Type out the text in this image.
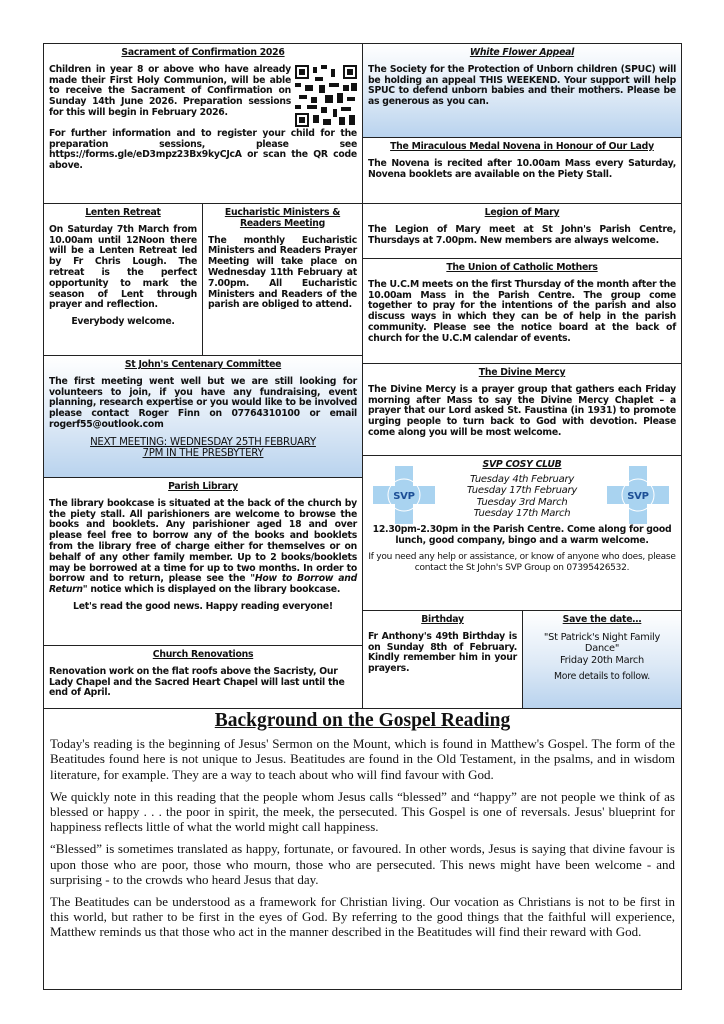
Sacrament of Confirmation 2026

Children in year 8 or above who have already made their First Holy Communion, will be able to receive the Sacrament of Confirmation on Sunday 14th June 2026. Preparation sessions for this will begin in February 2026.

For further information and to register your child for the preparation sessions, please see https://forms.gle/eD3mpz23Bx9kyCJcA or scan the QR code above.

Lenten Retreat

On Saturday 7th March from 10.00am until 12Noon there will be a Lenten Retreat led by Fr Chris Lough. The retreat is the perfect opportunity to mark the season of Lent through prayer and reflection.

Everybody welcome.
Eucharistic Ministers & Readers Meeting

The monthly Eucharistic Ministers and Readers Prayer Meeting will take place on Wednesday 11th February at 7.00pm. All Eucharistic Ministers and Readers of the parish are obliged to attend.

St John's Centenary Committee

The first meeting went well but we are still looking for volunteers to join, if you have any fundraising, event planning, research expertise or you would like to be involved please contact Roger Finn on 07764310100 or email rogerf55@outlook.com

NEXT MEETING: WEDNESDAY 25TH FEBRUARY
7PM IN THE PRESBYTERY
Parish Library

The library bookcase is situated at the back of the church by the piety stall. All parishioners are welcome to browse the books and booklets. Any parishioner aged 18 and over please feel free to borrow any of the books and booklets from the library free of charge either for themselves or on behalf of any other family member. Up to 2 books/booklets may be borrowed at a time for up to two months. In order to borrow and to return, please see the "How to Borrow and Return" notice which is displayed on the library bookcase.

Let's read the good news. Happy reading everyone!
Church Renovations

Renovation work on the flat roofs above the Sacristy, Our Lady Chapel and the Sacred Heart Chapel will last until the end of April.

White Flower Appeal

The Society for the Protection of Unborn children (SPUC) will be holding an appeal THIS WEEKEND. Your support will help SPUC to defend unborn babies and their mothers. Please be as generous as you can.

The Miraculous Medal Novena in Honour of Our Lady

The Novena is recited after 10.00am Mass every Saturday, Novena booklets are available on the Piety Stall.

Legion of Mary

The Legion of Mary meet at St John's Parish Centre, Thursdays at 7.00pm. New members are always welcome.

The Union of Catholic Mothers

The U.C.M meets on the first Thursday of the month after the 10.00am Mass in the Parish Centre. The group come together to pray for the intentions of the parish and also discuss ways in which they can be of help in the parish community. Please see the notice board at the back of church for the U.C.M calendar of events.

The Divine Mercy

The Divine Mercy is a prayer group that gathers each Friday morning after Mass to say the Divine Mercy Chaplet – a prayer that our Lord asked St. Faustina (in 1931) to promote urging people to turn back to God with devotion. Please come along you will be most welcome.

SVP	SVP
SVP COSY CLUB
Tuesday 4th February
Tuesday 17th February
Tuesday 3rd March
Tuesday 17th March

12.30pm-2.30pm in the Parish Centre. Come along for good lunch, good company, bingo and a warm welcome.

If you need any help or assistance, or know of anyone who does, please contact the St John's SVP Group on 07395426532.
Birthday

Fr Anthony's 49th Birthday is on Sunday 8th of February. Kindly remember him in your prayers.

Save the date…
"St Patrick's Night Family Dance"
Friday 20th March
More details to follow.
Background on the Gospel Reading

Today's reading is the beginning of Jesus' Sermon on the Mount, which is found in Matthew's Gospel. The form of the Beatitudes found here is not unique to Jesus. Beatitudes are found in the Old Testament, in the psalms, and in wisdom literature, for example. They are a way to teach about who will find favour with God.

We quickly note in this reading that the people whom Jesus calls “blessed” and “happy” are not people we think of as blessed or happy . . . the poor in spirit, the meek, the persecuted. This Gospel is one of reversals. Jesus' blueprint for happiness reflects little of what the world might call happiness.

“Blessed” is sometimes translated as happy, fortunate, or favoured. In other words, Jesus is saying that divine favour is upon those who are poor, those who mourn, those who are persecuted. This news might have been welcome - and surprising - to the crowds who heard Jesus that day.

The Beatitudes can be understood as a framework for Christian living. Our vocation as Christians is not to be first in this world, but rather to be first in the eyes of God. By referring to the good things that the faithful will experience, Matthew reminds us that those who act in the manner described in the Beatitudes will find their reward with God.
